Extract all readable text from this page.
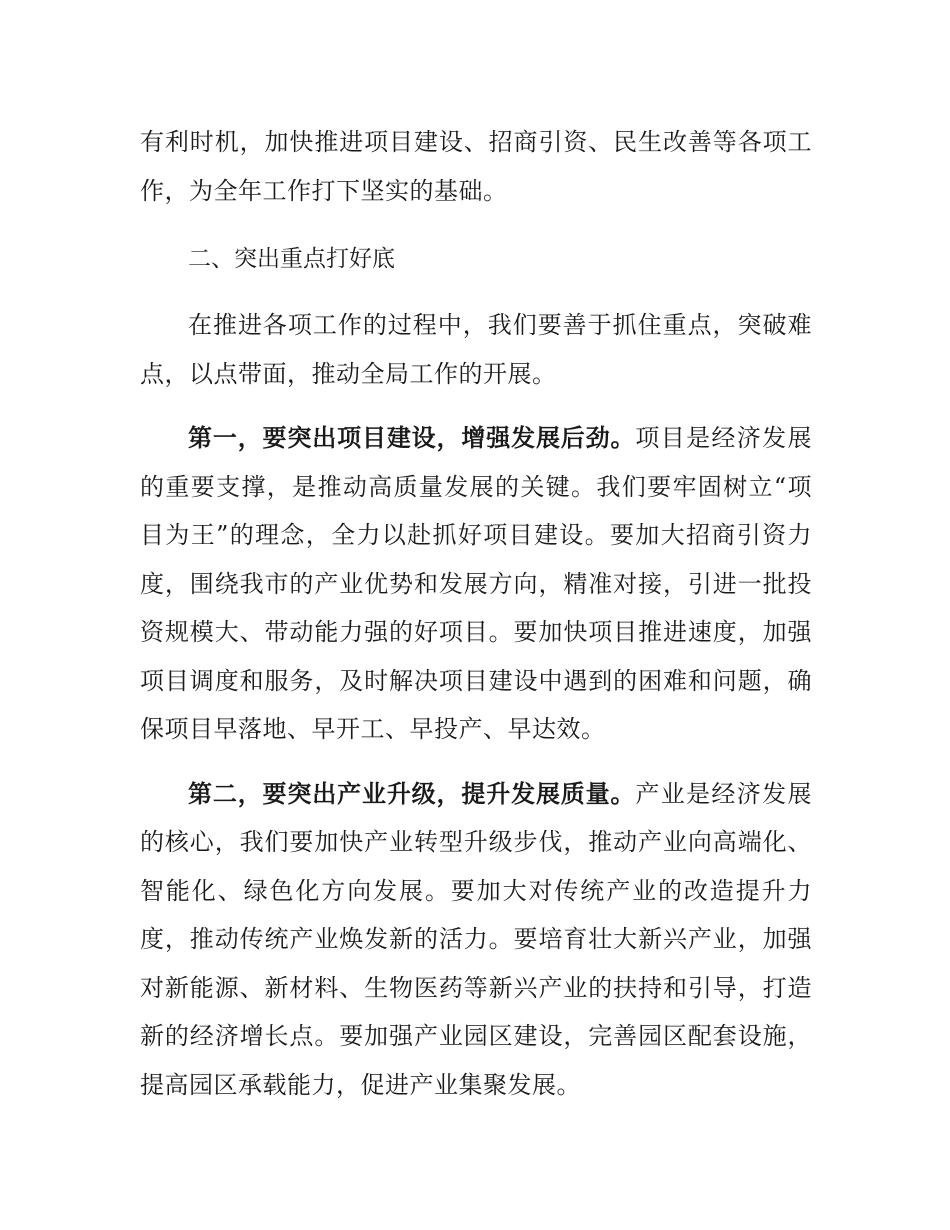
有利时机，加快推进项目建设、招商引资、民生改善等各项工作，为全年工作打下坚实的基础。

二、突出重点打好底

在推进各项工作的过程中，我们要善于抓住重点，突破难点，以点带面，推动全局工作的开展。

第一，要突出项目建设，增强发展后劲。项目是经济发展的重要支撑，是推动高质量发展的关键。我们要牢固树立“项目为王”的理念，全力以赴抓好项目建设。要加大招商引资力度，围绕我市的产业优势和发展方向，精准对接，引进一批投资规模大、带动能力强的好项目。要加快项目推进速度，加强项目调度和服务，及时解决项目建设中遇到的困难和问题，确保项目早落地、早开工、早投产、早达效。

第二，要突出产业升级，提升发展质量。产业是经济发展的核心，我们要加快产业转型升级步伐，推动产业向高端化、智能化、绿色化方向发展。要加大对传统产业的改造提升力度，推动传统产业焕发新的活力。要培育壮大新兴产业，加强对新能源、新材料、生物医药等新兴产业的扶持和引导，打造新的经济增长点。要加强产业园区建设，完善园区配套设施，提高园区承载能力，促进产业集聚发展。
